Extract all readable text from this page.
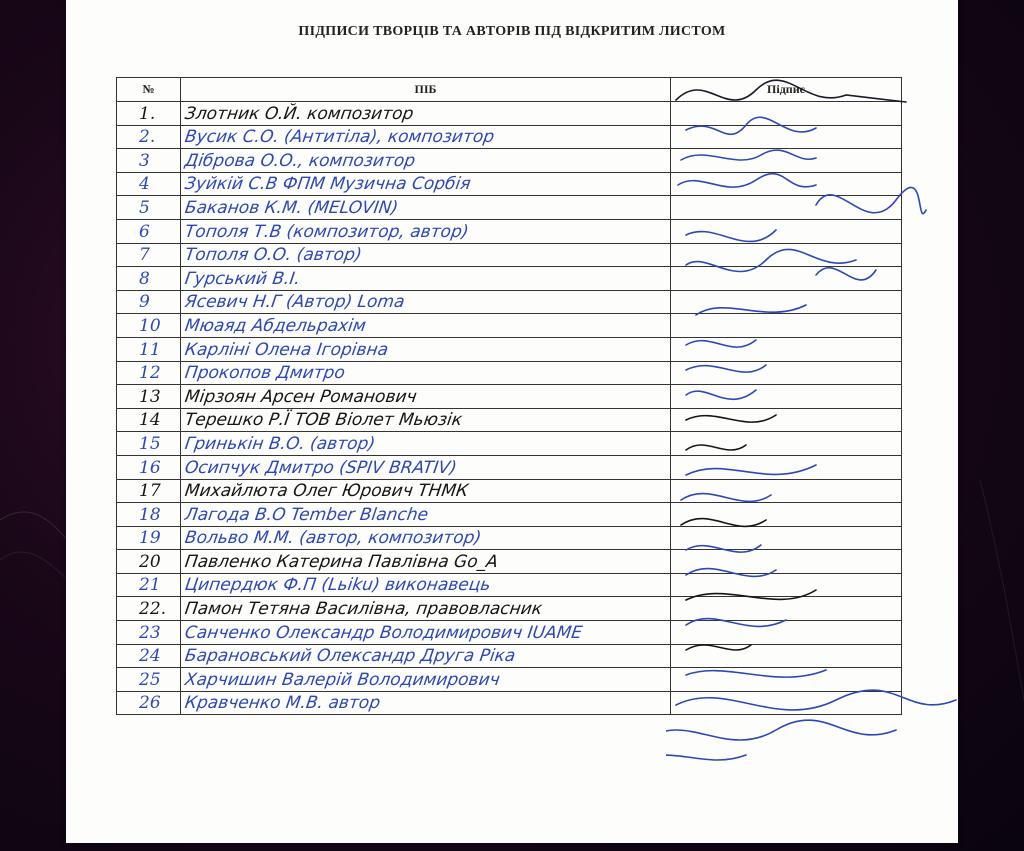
ПІДПИСИ ТВОРЦІВ ТА АВТОРІВ ПІД ВІДКРИТИМ ЛИСТОМ
№	ПІБ	Підпис

1.	Злотник О.Й. композитор	

2.	Вусик С.О. (Антитіла), композитор	

3	Діброва О.О., композитор	

4	Зуйкій С.В ФПМ Музична Сорбія	

5	Баканов К.М. (MELOVIN)	

6	Тополя Т.В (композитор, автор)	

7	Тополя О.О. (автор)	

8	Гурський В.І.	

9	Ясевич Н.Г (Автор) Loma	

10	Мюаяд Абдельрахім	

11	Карліні Олена Ігорівна	

12	Прокопов Дмитро	

13	Мірзоян Арсен Романович	

14	Терешко Р.Ї ТОВ Віолет Мьюзік	

15	Гринькін В.О. (автор)	

16	Осипчук Дмитро (SPIV BRATIV)	

17	Михайлюта Олег Юрович ТНМК	

18	Лагода В.О Tember Blanche	

19	Вольво М.М. (автор, композитор)	

20	Павленко Катерина Павлівна Go_A	

21	Ципердюк Ф.П (Lьiku) виконавець	

22.	Памон Тетяна Василівна, правовласник	

23	Санченко Олександр Володимирович IUAME	

24	Барановський Олександр Друга Ріка	

25	Харчишин Валерій Володимирович	

26	Кравченко М.В. автор	
